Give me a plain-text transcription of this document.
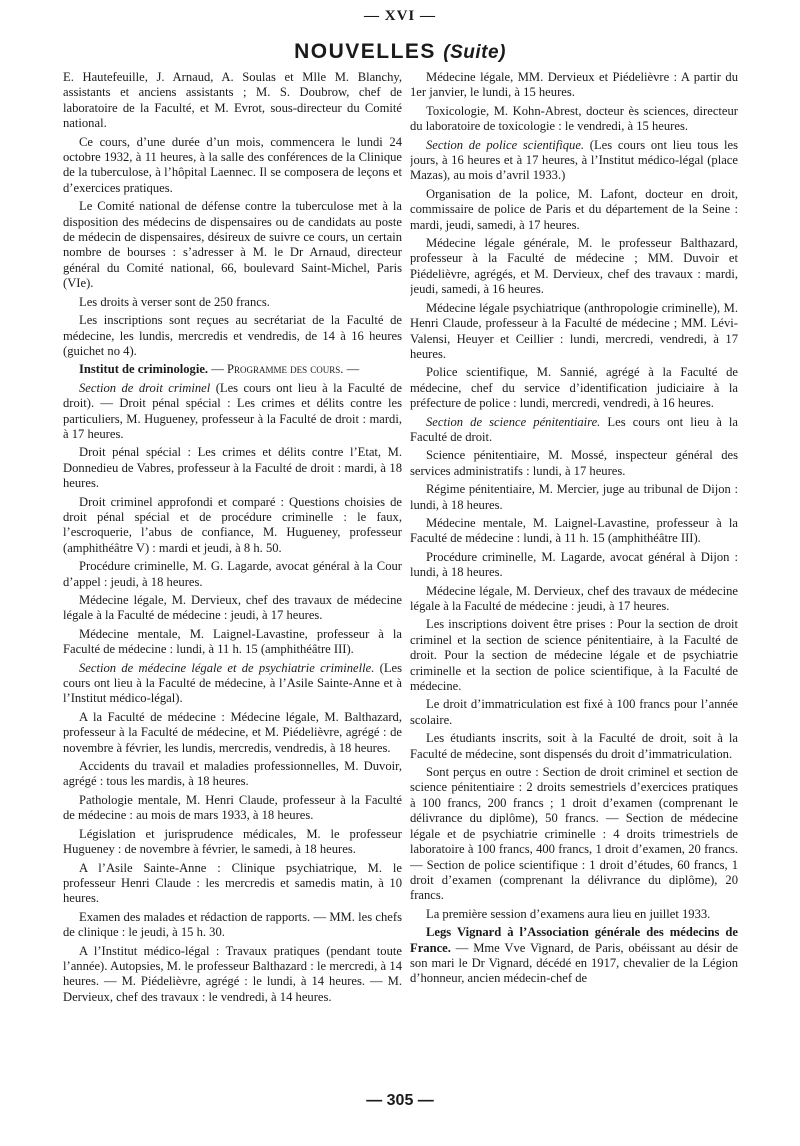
— XVI —
NOUVELLES (Suite)

E. Hautefeuille, J. Arnaud, A. Soulas et Mlle M. Blanchy, assistants et anciens assistants ; M. S. Doubrow, chef de laboratoire de la Faculté, et M. Evrot, sous-directeur du Comité national.

Ce cours, d’une durée d’un mois, commencera le lundi 24 octobre 1932, à 11 heures, à la salle des conférences de la Clinique de la tuberculose, à l’hôpital Laennec. Il se composera de leçons et d’exercices pratiques.

Le Comité national de défense contre la tuberculose met à la disposition des médecins de dispensaires ou de candidats au poste de médecin de dispensaires, désireux de suivre ce cours, un certain nombre de bourses : s’adresser à M. le Dr Arnaud, directeur général du Comité national, 66, boulevard Saint-Michel, Paris (VIe).

Les droits à verser sont de 250 francs.

Les inscriptions sont reçues au secrétariat de la Faculté de médecine, les lundis, mercredis et vendredis, de 14 à 16 heures (guichet no 4).

Institut de criminologie. — Programme des cours. —

Section de droit criminel (Les cours ont lieu à la Faculté de droit). — Droit pénal spécial : Les crimes et délits contre les particuliers, M. Hugueney, professeur à la Faculté de droit : mardi, à 17 heures.

Droit pénal spécial : Les crimes et délits contre l’Etat, M. Donnedieu de Vabres, professeur à la Faculté de droit : mardi, à 18 heures.

Droit criminel approfondi et comparé : Questions choisies de droit pénal spécial et de procédure criminelle : le faux, l’escroquerie, l’abus de confiance, M. Hugueney, professeur (amphithéâtre V) : mardi et jeudi, à 8 h. 50.

Procédure criminelle, M. G. Lagarde, avocat général à la Cour d’appel : jeudi, à 18 heures.

Médecine légale, M. Dervieux, chef des travaux de médecine légale à la Faculté de médecine : jeudi, à 17 heures.

Médecine mentale, M. Laignel-Lavastine, professeur à la Faculté de médecine : lundi, à 11 h. 15 (amphithéâtre III).

Section de médecine légale et de psychiatrie criminelle. (Les cours ont lieu à la Faculté de médecine, à l’Asile Sainte-Anne et à l’Institut médico-légal).

A la Faculté de médecine : Médecine légale, M. Balthazard, professeur à la Faculté de médecine, et M. Piédelièvre, agrégé : de novembre à février, les lundis, mercredis, vendredis, à 18 heures.

Accidents du travail et maladies professionnelles, M. Duvoir, agrégé : tous les mardis, à 18 heures.

Pathologie mentale, M. Henri Claude, professeur à la Faculté de médecine : au mois de mars 1933, à 18 heures.

Législation et jurisprudence médicales, M. le professeur Hugueney : de novembre à février, le samedi, à 18 heures.

A l’Asile Sainte-Anne : Clinique psychiatrique, M. le professeur Henri Claude : les mercredis et samedis matin, à 10 heures.

Examen des malades et rédaction de rapports. — MM. les chefs de clinique : le jeudi, à 15 h. 30.

A l’Institut médico-légal : Travaux pratiques (pendant toute l’année). Autopsies, M. le professeur Balthazard : le mercredi, à 14 heures. — M. Piédelièvre, agrégé : le lundi, à 14 heures. — M. Dervieux, chef des travaux : le vendredi, à 14 heures.

Médecine légale, MM. Dervieux et Piédelièvre : A partir du 1er janvier, le lundi, à 15 heures.

Toxicologie, M. Kohn-Abrest, docteur ès sciences, directeur du laboratoire de toxicologie : le vendredi, à 15 heures.

Section de police scientifique. (Les cours ont lieu tous les jours, à 16 heures et à 17 heures, à l’Institut médico-légal (place Mazas), au mois d’avril 1933.)

Organisation de la police, M. Lafont, docteur en droit, commissaire de police de Paris et du département de la Seine : mardi, jeudi, samedi, à 17 heures.

Médecine légale générale, M. le professeur Balthazard, professeur à la Faculté de médecine ; MM. Duvoir et Piédelièvre, agrégés, et M. Dervieux, chef des travaux : mardi, jeudi, samedi, à 16 heures.

Médecine légale psychiatrique (anthropologie criminelle), M. Henri Claude, professeur à la Faculté de médecine ; MM. Lévi-Valensi, Heuyer et Ceillier : lundi, mercredi, vendredi, à 17 heures.

Police scientifique, M. Sannié, agrégé à la Faculté de médecine, chef du service d’identification judiciaire à la préfecture de police : lundi, mercredi, vendredi, à 16 heures.

Section de science pénitentiaire. Les cours ont lieu à la Faculté de droit.

Science pénitentiaire, M. Mossé, inspecteur général des services administratifs : lundi, à 17 heures.

Régime pénitentiaire, M. Mercier, juge au tribunal de Dijon : lundi, à 18 heures.

Médecine mentale, M. Laignel-Lavastine, professeur à la Faculté de médecine : lundi, à 11 h. 15 (amphithéâtre III).

Procédure criminelle, M. Lagarde, avocat général à Dijon : lundi, à 18 heures.

Médecine légale, M. Dervieux, chef des travaux de médecine légale à la Faculté de médecine : jeudi, à 17 heures.

Les inscriptions doivent être prises : Pour la section de droit criminel et la section de science pénitentiaire, à la Faculté de droit. Pour la section de médecine légale et de psychiatrie criminelle et la section de police scientifique, à la Faculté de médecine.

Le droit d’immatriculation est fixé à 100 francs pour l’année scolaire.

Les étudiants inscrits, soit à la Faculté de droit, soit à la Faculté de médecine, sont dispensés du droit d’immatriculation.

Sont perçus en outre : Section de droit criminel et section de science pénitentiaire : 2 droits semestriels d’exercices pratiques à 100 francs, 200 francs ; 1 droit d’examen (comprenant le délivrance du diplôme), 50 francs. — Section de médecine légale et de psychiatrie criminelle : 4 droits trimestriels de laboratoire à 100 francs, 400 francs, 1 droit d’examen, 20 francs. — Section de police scientifique : 1 droit d’études, 60 francs, 1 droit d’examen (comprenant la délivrance du diplôme), 20 francs.

La première session d’examens aura lieu en juillet 1933.

Legs Vignard à l’Association générale des médecins de France. — Mme Vve Vignard, de Paris, obéissant au désir de son mari le Dr Vignard, décédé en 1917, chevalier de la Légion d’honneur, ancien médecin-chef de

— 305 —
